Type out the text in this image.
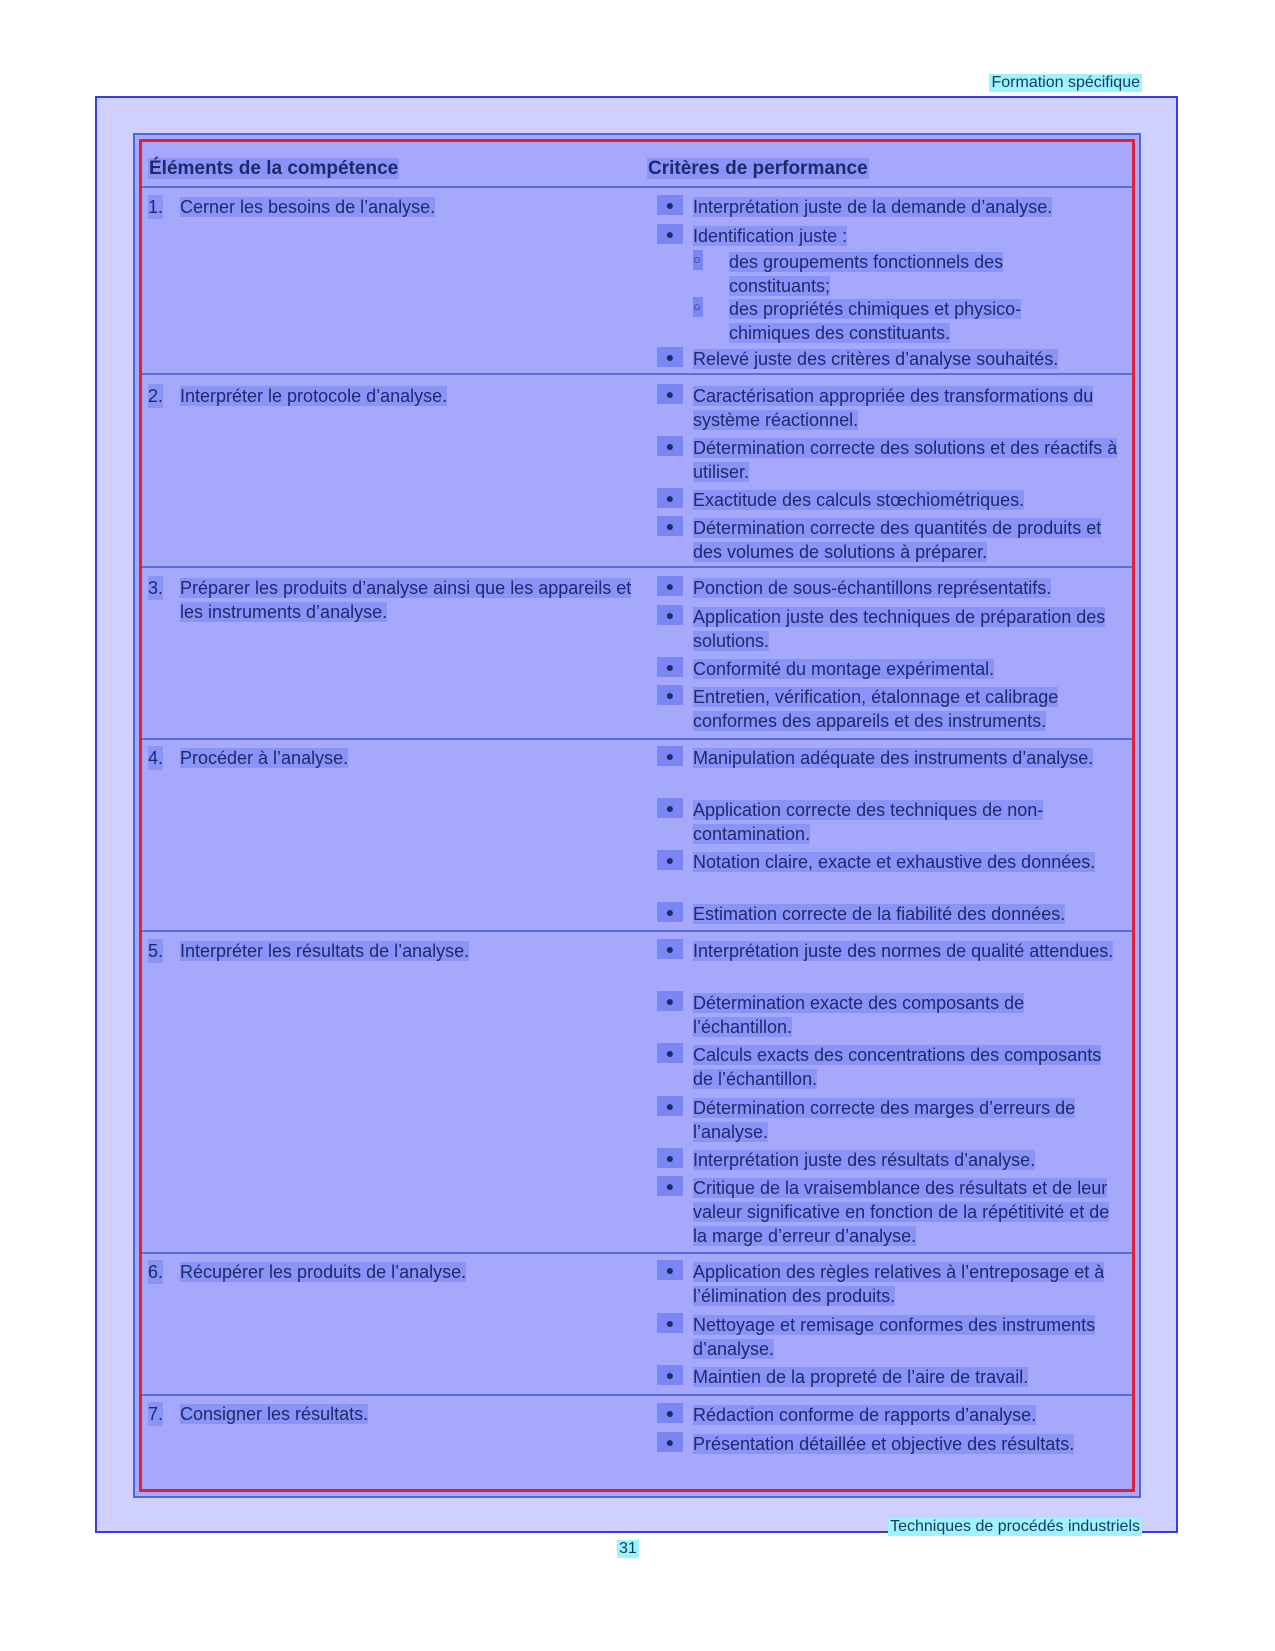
Formation spécifique
Éléments de la compétence	Critères de performance
1. Cerner les besoins de l’analyse.	●	Interprétation juste de la demande d’analyse.
●	Identification juste :
○ des groupements fonctionnels des constituants;
○ des propriétés chimiques et physico-chimiques des constituants.
●	Relevé juste des critères d’analyse souhaités.
2. Interpréter le protocole d’analyse.	●	Caractérisation appropriée des transformations du système réactionnel.
●	Détermination correcte des solutions et des réactifs à utiliser.
●	Exactitude des calculs stœchiométriques.
●	Détermination correcte des quantités de produits et des volumes de solutions à préparer.
3. Préparer les produits d’analyse ainsi que les appareils et les instruments d’analyse.
●	Ponction de sous-échantillons représentatifs.
●	Application juste des techniques de préparation des solutions.
●	Conformité du montage expérimental.
●	Entretien, vérification, étalonnage et calibrage conformes des appareils et des instruments.
4. Procéder à l’analyse.	●	Manipulation adéquate des instruments d’analyse.
●	Application correcte des techniques de non-contamination.
●	Notation claire, exacte et exhaustive des données.
●	Estimation correcte de la fiabilité des données.
5. Interpréter les résultats de l’analyse.	●	Interprétation juste des normes de qualité attendues.
●	Détermination exacte des composants de l’échantillon.
●	Calculs exacts des concentrations des composants de l’échantillon.
●	Détermination correcte des marges d’erreurs de l’analyse.
●	Interprétation juste des résultats d’analyse.
●	Critique de la vraisemblance des résultats et de leur valeur significative en fonction de la répétitivité et de la marge d’erreur d’analyse.
6. Récupérer les produits de l’analyse.	●	Application des règles relatives à l’entreposage et à l’élimination des produits.
●	Nettoyage et remisage conformes des instruments d’analyse.
●	Maintien de la propreté de l’aire de travail.
7. Consigner les résultats.	●	Rédaction conforme de rapports d’analyse.
●	Présentation détaillée et objective des résultats.
Techniques de procédés industriels
31
